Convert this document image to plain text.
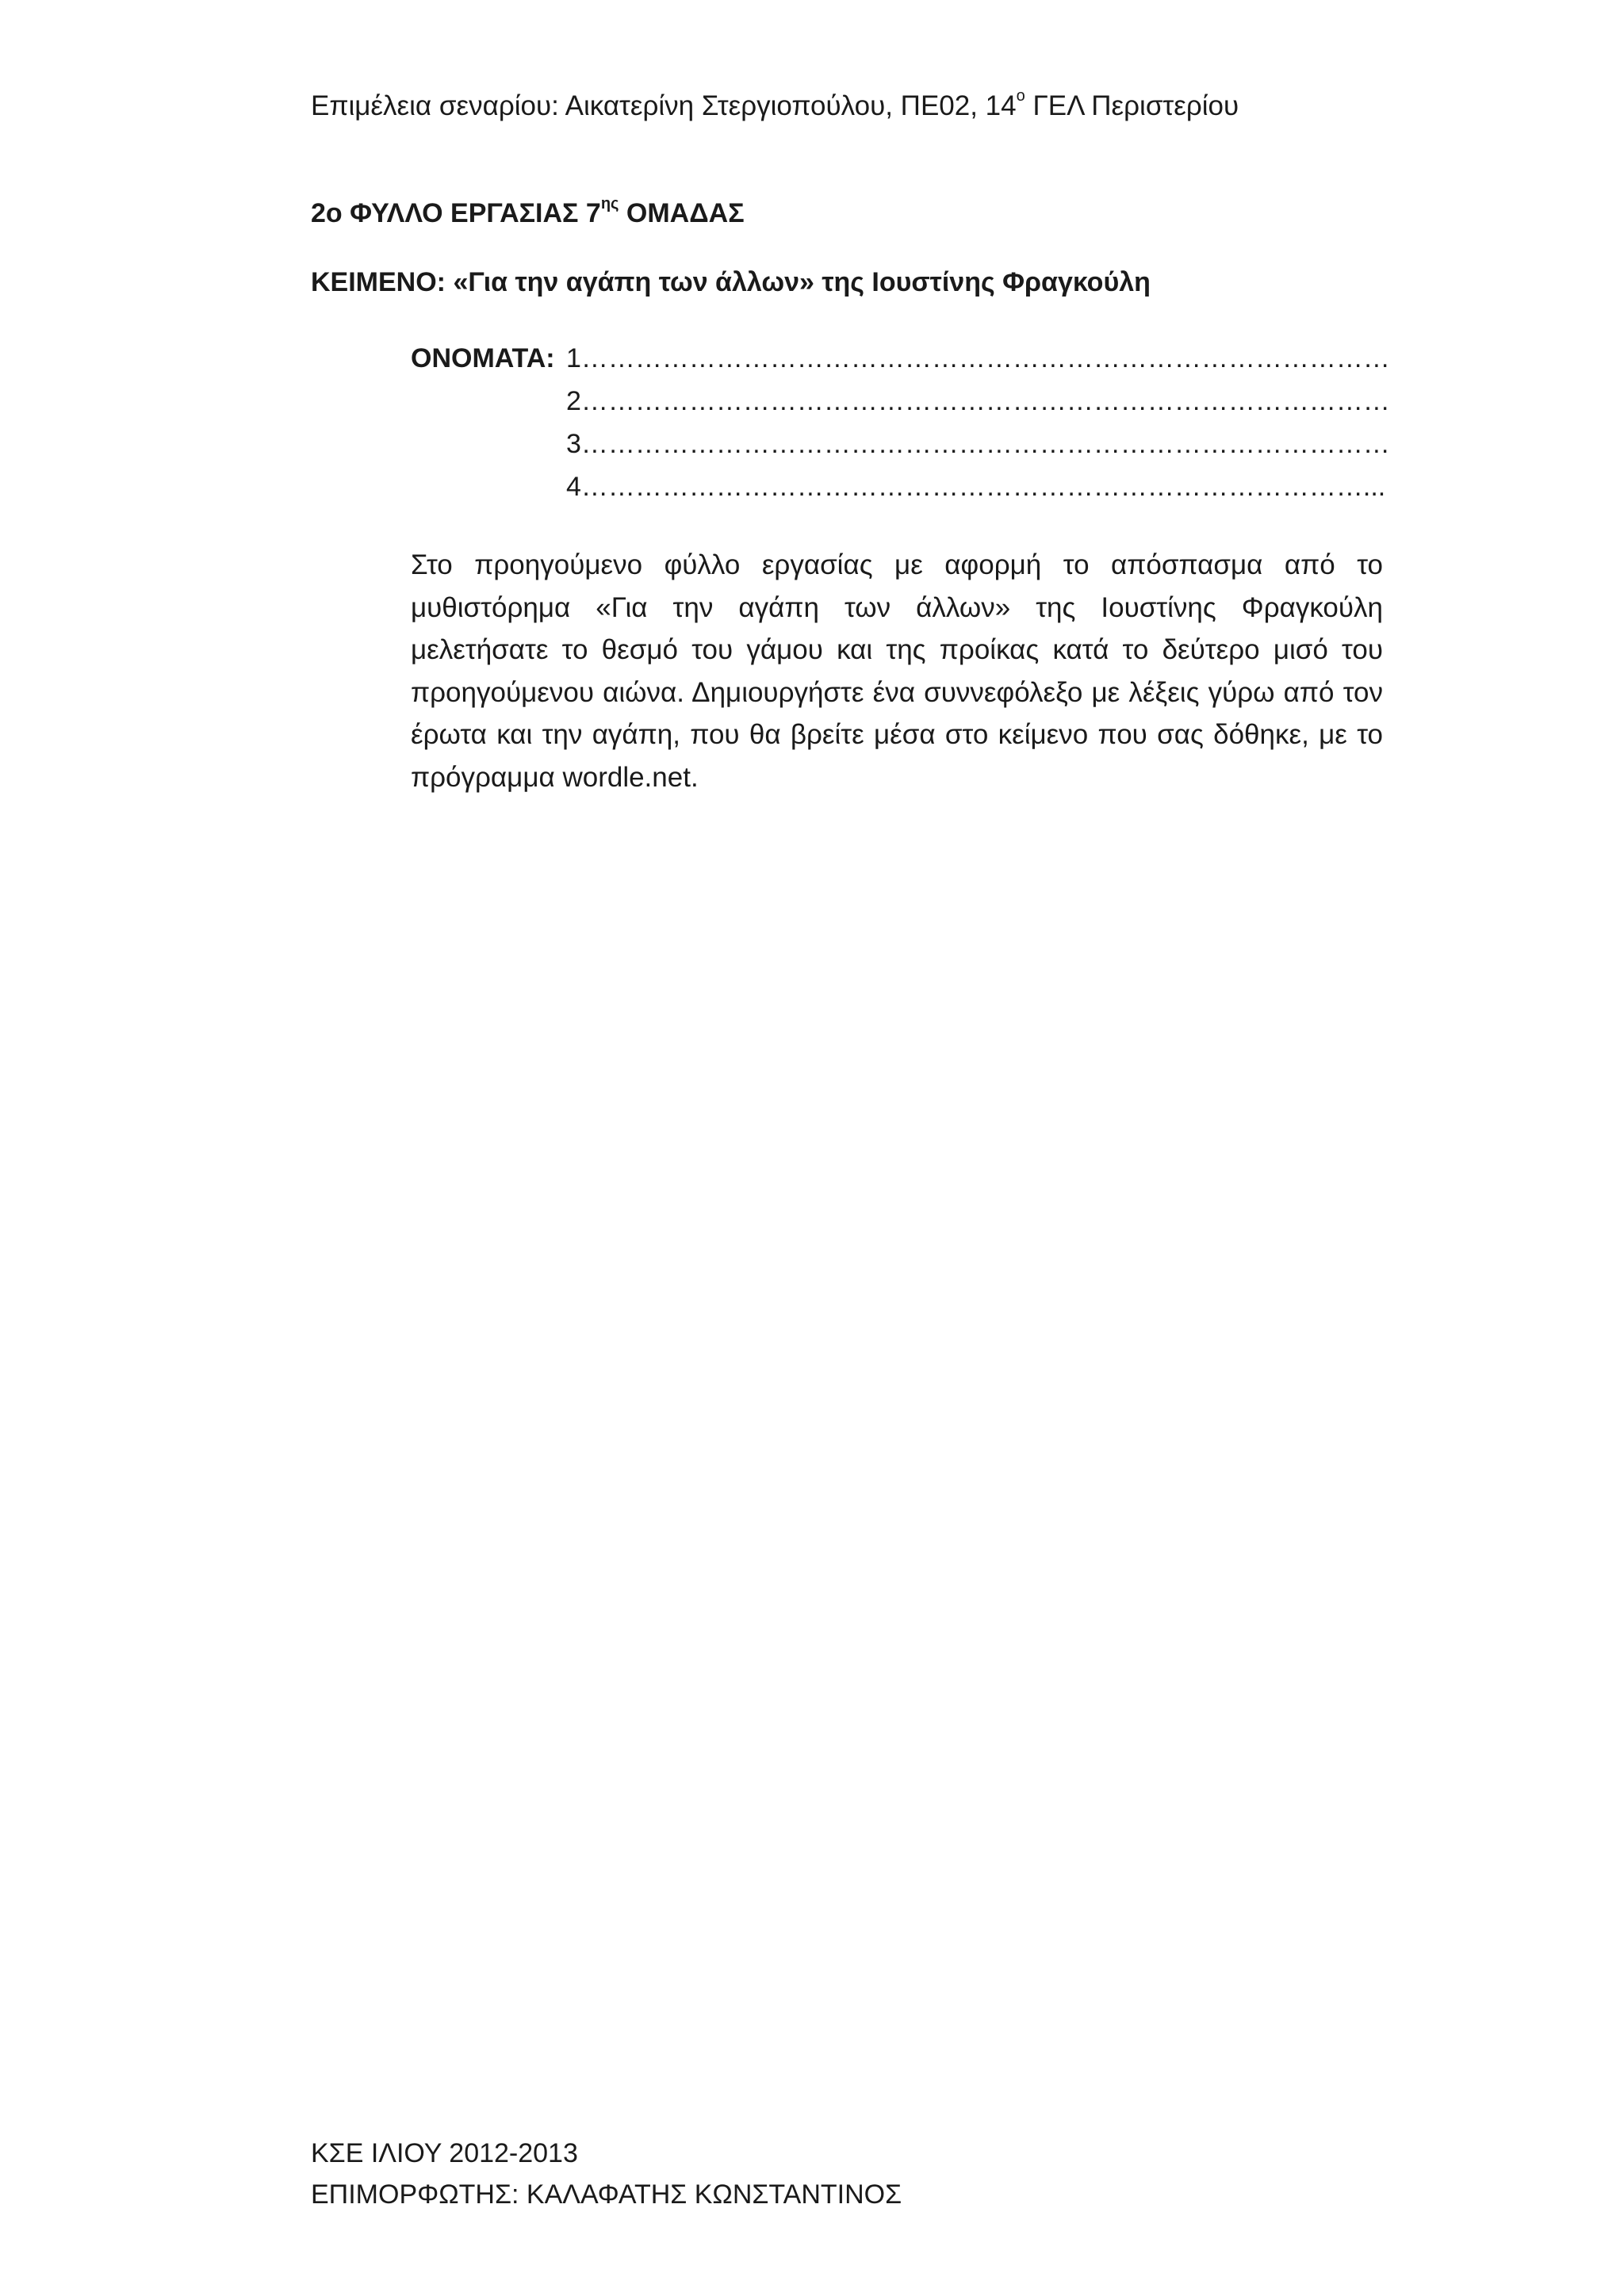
Επιμέλεια σεναρίου: Αικατερίνη Στεργιοπούλου, ΠΕ02, $14^o$ ΓΕΛ Περιστερίου
2ο ΦΥΛΛΟ ΕΡΓΑΣΙΑΣ $7^{\eta\varsigma}$ ΟΜΑΔΑΣ
ΚΕΙΜΕΝΟ: «Για την αγάπη των άλλων» της Ιουστίνης Φραγκούλη
ΟΝΟΜΑΤΑ: 1………………………………………………………………………………
2………………………………………………………………………………
3………………………………………………………………………………
4……………………………………………………………………………...
Στο προηγούμενο φύλλο εργασίας με αφορμή το απόσπασμα από το μυθιστόρημα «Για την αγάπη των άλλων» της Ιουστίνης Φραγκούλη μελετήσατε το θεσμό του γάμου και της προίκας κατά το δεύτερο μισό του προηγούμενου αιώνα. Δημιουργήστε ένα συννεφόλεξο με λέξεις γύρω από τον έρωτα και την αγάπη, που θα βρείτε μέσα στο κείμενο που σας δόθηκε, με το πρόγραμμα wordle.net.
ΚΣΕ ΙΛΙΟΥ 2012-2013
ΕΠΙΜΟΡΦΩΤΗΣ: ΚΑΛΑΦΑΤΗΣ ΚΩΝΣΤΑΝΤΙΝΟΣ
